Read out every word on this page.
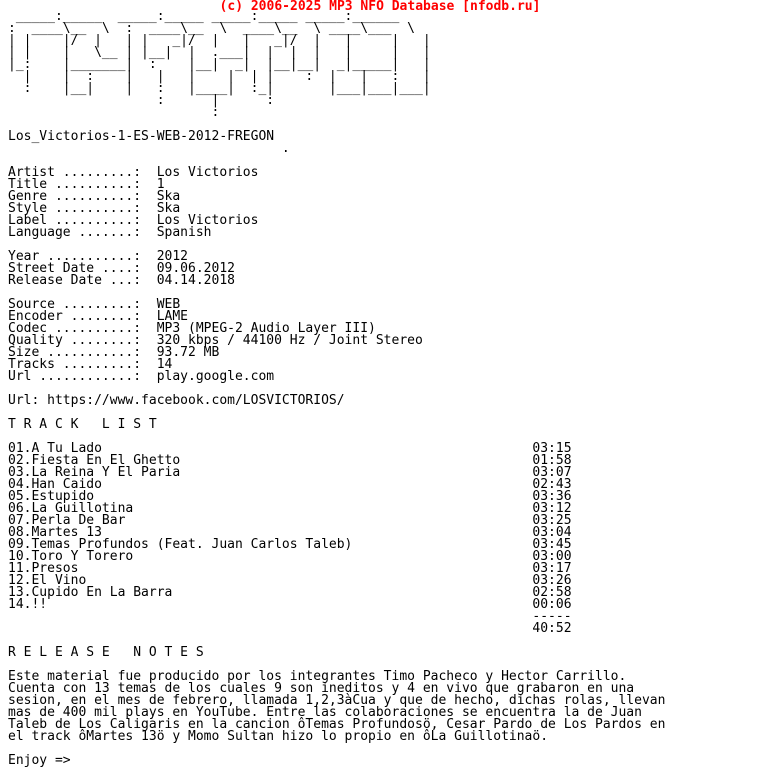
(c) 2006-2025 MP3 NFO Database [nfodb.ru]
_____:_____  _____:_____ _____:_____ _____:______
:  ____\__  \  :  ____\__  \  ____\__  \ ____\___  \
| |    |/  |   | |   _|/  |   |   _|/  |   |     |   |
| |    |   \__ | |__|  |  .___|  |  |  |   |     |   |
|_:    |_______|  :    |__|  _|  |__|__|  _|_____|   |
|    |  :    |   |   |    |  | |    :  |   |   :   |
:    |__|    |   :   |____|  :_|       |___|___|___|
:      |      :
:

Los_Victorios-1-ES-WEB-2012-FREGON
.

Artist .........:  Los Victorios
Title ..........:  1
Genre ..........:  Ska
Style ..........:  Ska
Label ..........:  Los Victorios
Language .......:  Spanish

Year ...........:  2012
Street Date ....:  09.06.2012
Release Date ...:  04.14.2018

Source .........:  WEB
Encoder ........:  LAME
Codec ..........:  MP3 (MPEG-2 Audio Layer III)
Quality ........:  320 kbps / 44100 Hz / Joint Stereo
Size ...........:  93.72 MB
Tracks .........:  14
Url ............:  play.google.com

Url: https://www.facebook.com/LOSVICTORIOS/

T R A C K   L I S T

01.A Tu Lado                                                       03:15
02.Fiesta En El Ghetto                                             01:58
03.La Reina Y El Paria                                             03:07
04.Han Caido                                                       02:43
05.Estupido                                                        03:36
06.La Guillotina                                                   03:12
07.Perla De Bar                                                    03:25
08.Martes 13                                                       03:04
09.Temas Profundos (Feat. Juan Carlos Taleb)                       03:45
10.Toro Y Torero                                                   03:00
11.Presos                                                          03:17
12.El Vino                                                         03:26
13.Cupido En La Barra                                              02:58
14.!!                                                              00:06
-----
40:52

R E L E A S E   N O T E S

Este material fue producido por los integrantes Timo Pacheco y Hector Carrillo.
Cuenta con 13 temas de los cuales 9 son ineditos y 4 en vivo que grabaron en una
sesion, en el mes de febrero, llamada 1,2,3àCua y que de hecho, dichas rolas, llevan
mas de 400 mil plays en YouTube. Entre las colaboraciones se encuentra la de Juan
Taleb de Los Caligaris en la cancion ôTemas Profundosö, Cesar Pardo de Los Pardos en
el track ôMartes 13ö y Momo Sultan hizo lo propio en ôLa Guillotinaö.

Enjoy =>
